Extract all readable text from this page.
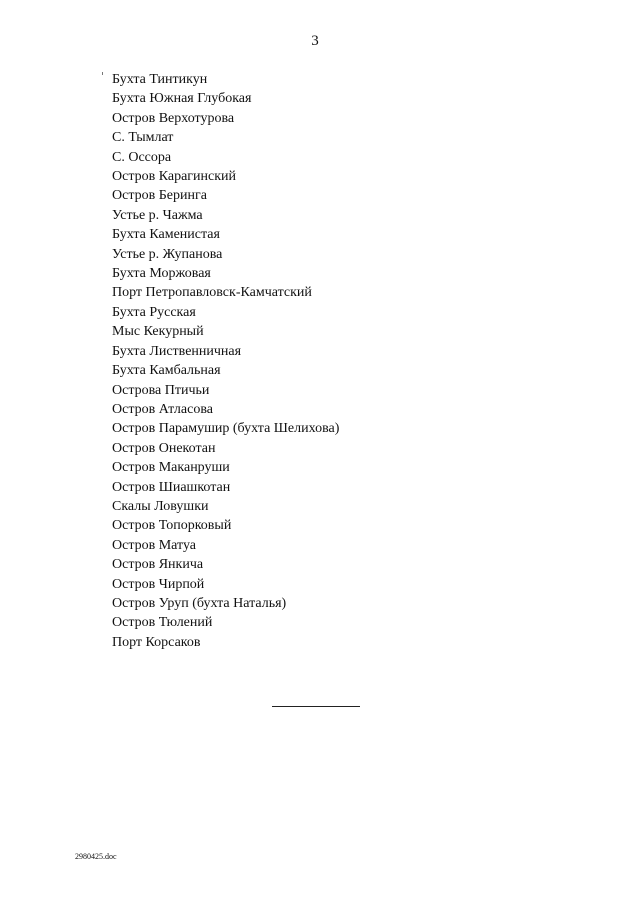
3
Бухта Тинтикун
Бухта Южная Глубокая
Остров Верхотурова
С. Тымлат
С. Оссора
Остров Карагинский
Остров Беринга
Устье р. Чажма
Бухта Каменистая
Устье р. Жупанова
Бухта Моржовая
Порт Петропавловск-Камчатский
Бухта Русская
Мыс Кекурный
Бухта Лиственничная
Бухта Камбальная
Острова Птичьи
Остров Атласова
Остров Парамушир (бухта Шелихова)
Остров Онекотан
Остров Маканруши
Остров Шиашкотан
Скалы Ловушки
Остров Топорковый
Остров Матуа
Остров Янкича
Остров Чирпой
Остров Уруп (бухта Наталья)
Остров Тюлений
Порт Корсаков
2980425.doc
